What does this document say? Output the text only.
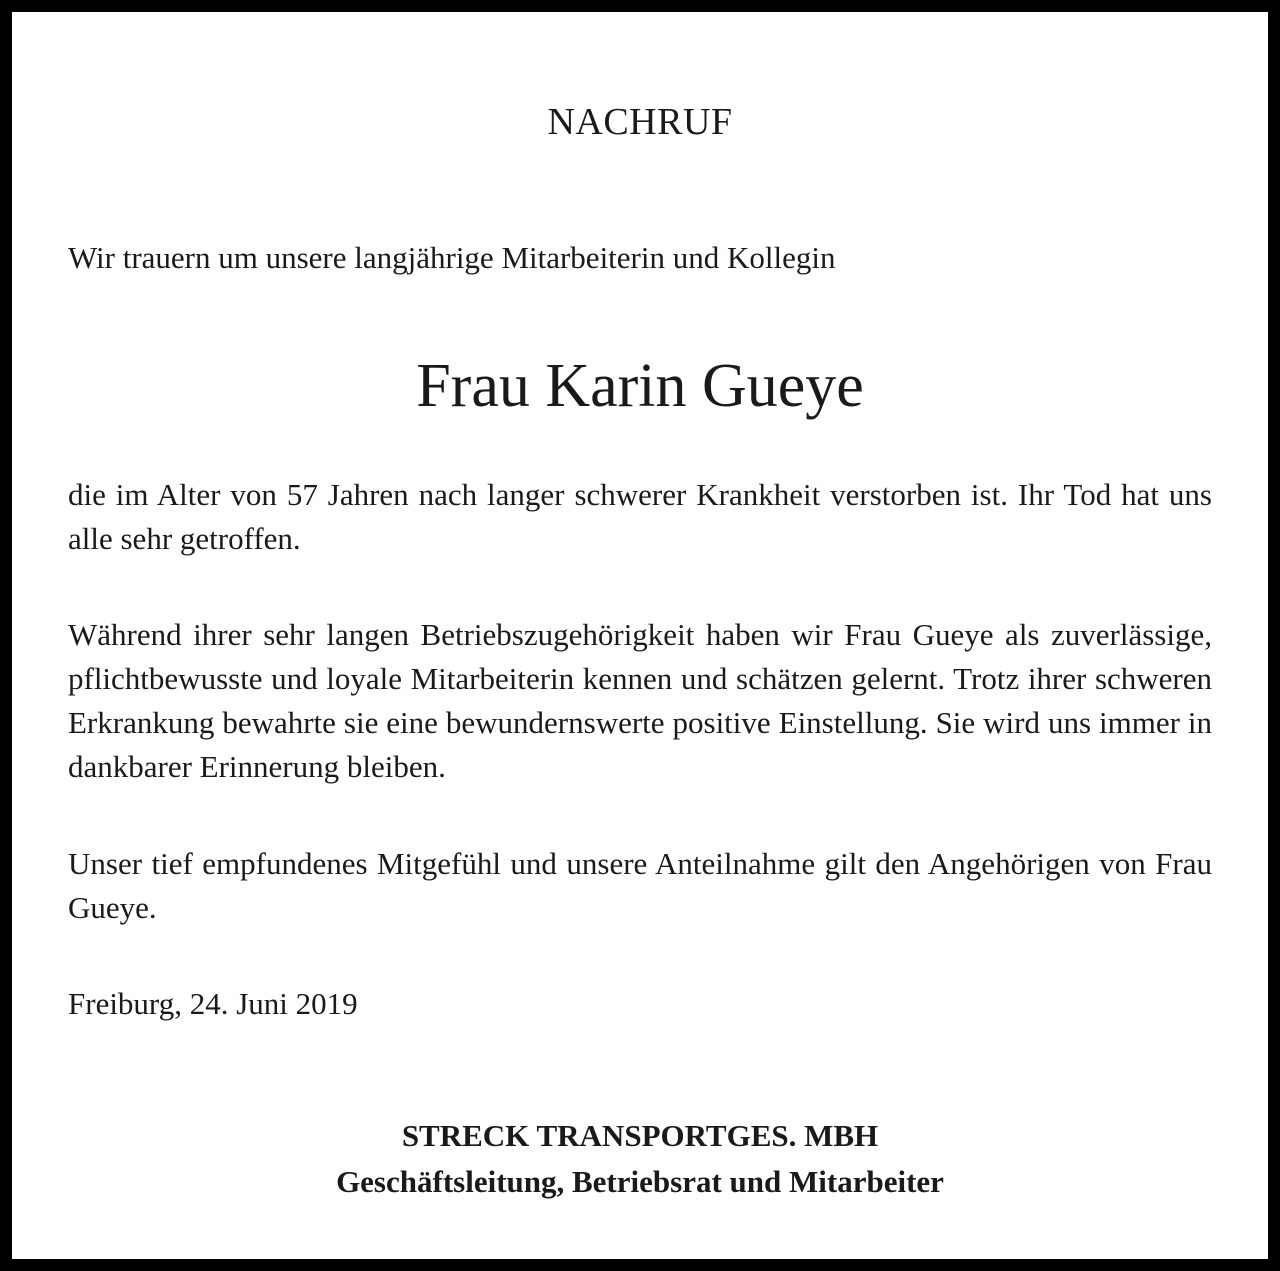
NACHRUF
Wir trauern um unsere langjährige Mitarbeiterin und Kollegin
Frau Karin Gueye
die im Alter von 57 Jahren nach langer schwerer Krankheit verstorben ist. Ihr Tod hat uns alle sehr getroffen.
Während ihrer sehr langen Betriebszugehörigkeit haben wir Frau Gueye als zuverlässige, pflichtbewusste und loyale Mitarbeiterin kennen und schätzen gelernt. Trotz ihrer schweren Erkrankung bewahrte sie eine bewundernswerte positive Einstellung. Sie wird uns immer in dankbarer Erinnerung bleiben.
Unser tief empfundenes Mitgefühl und unsere Anteilnahme gilt den Angehörigen von Frau Gueye.
Freiburg, 24. Juni 2019
STRECK TRANSPORTGES. MBH
Geschäftsleitung, Betriebsrat und Mitarbeiter
